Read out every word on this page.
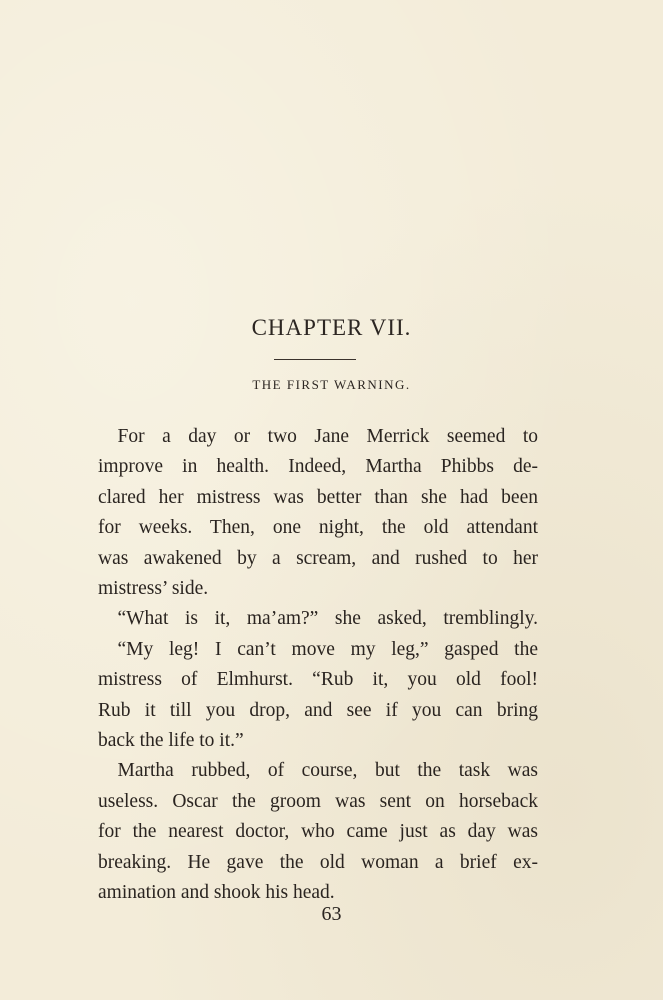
CHAPTER VII.
THE FIRST WARNING.
 For a day or two Jane Merrick seemed to
improve in health. Indeed, Martha Phibbs de-
clared her mistress was better than she had been
for weeks. Then, one night, the old attendant
was awakened by a scream, and rushed to her
mistress’ side.
 “What is it, ma’am?” she asked, tremblingly.
 “My leg! I can’t move my leg,” gasped the
mistress of Elmhurst. “Rub it, you old fool!
Rub it till you drop, and see if you can bring
back the life to it.”
 Martha rubbed, of course, but the task was
useless. Oscar the groom was sent on horseback
for the nearest doctor, who came just as day was
breaking. He gave the old woman a brief ex-
amination and shook his head.
63
